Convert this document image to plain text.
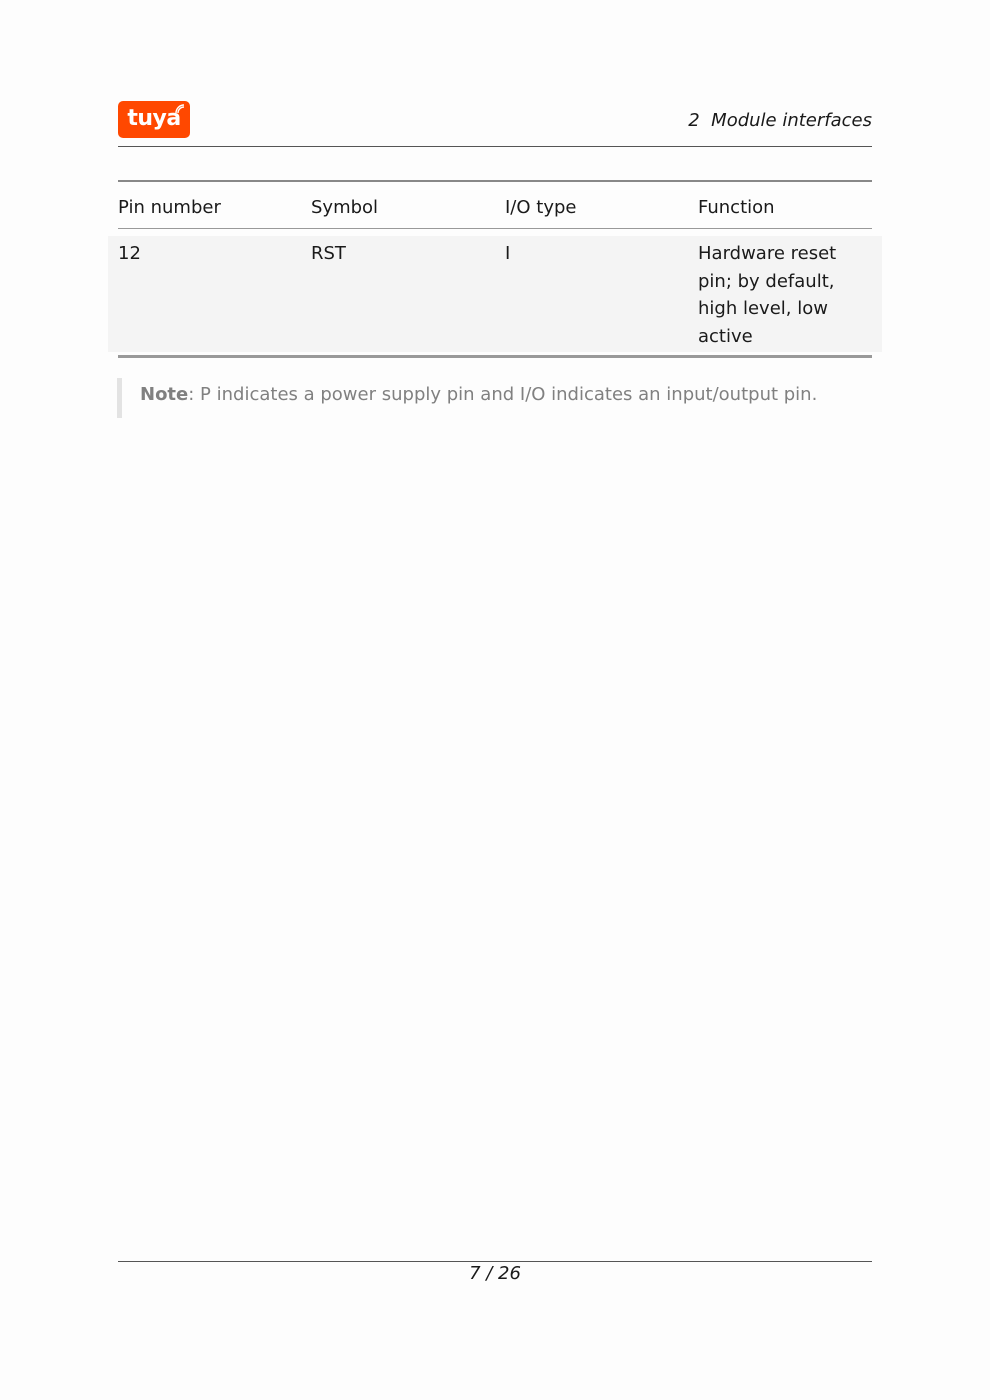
tuya	2  Module interfaces
Pin number	Symbol	I/O type	Function
12	RST	I	Hardware reset pin; by default, high level, low active
Note: P indicates a power supply pin and I/O indicates an input/output pin.
7 / 26
